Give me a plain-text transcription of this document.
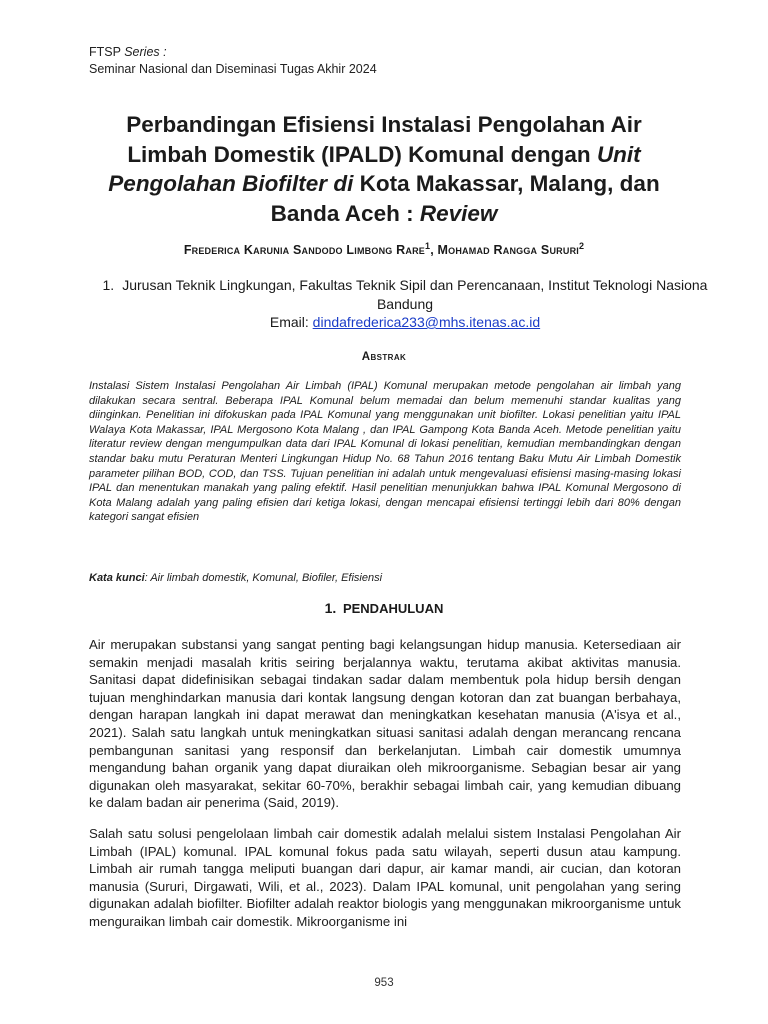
FTSP Series :
Seminar Nasional dan Diseminasi Tugas Akhir 2024
Perbandingan Efisiensi Instalasi Pengolahan Air Limbah Domestik (IPALD) Komunal dengan Unit Pengolahan Biofilter di Kota Makassar, Malang, dan Banda Aceh : Review
Frederica Karunia Sandodo Limbong Rare$^1$, Mohamad Rangga Sururi$^2$
1. Jurusan Teknik Lingkungan, Fakultas Teknik Sipil dan Perencanaan, Institut Teknologi Nasiona Bandung
Email: dindafrederica233@mhs.itenas.ac.id
Abstrak
Instalasi Sistem Instalasi Pengolahan Air Limbah (IPAL) Komunal merupakan metode pengolahan air limbah yang dilakukan secara sentral. Beberapa IPAL Komunal belum memadai dan belum memenuhi standar kualitas yang diinginkan. Penelitian ini difokuskan pada IPAL Komunal yang menggunakan unit biofilter. Lokasi penelitian yaitu IPAL Walaya Kota Makassar, IPAL Mergosono Kota Malang , dan IPAL Gampong Kota Banda Aceh. Metode penelitian yaitu literatur review dengan mengumpulkan data dari IPAL Komunal di lokasi penelitian, kemudian membandingkan dengan standar baku mutu Peraturan Menteri Lingkungan Hidup No. 68 Tahun 2016 tentang Baku Mutu Air Limbah Domestik parameter pilihan BOD, COD, dan TSS. Tujuan penelitian ini adalah untuk mengevaluasi efisiensi masing-masing lokasi IPAL dan menentukan manakah yang paling efektif. Hasil penelitian menunjukkan bahwa IPAL Komunal Mergosono di Kota Malang adalah yang paling efisien dari ketiga lokasi, dengan mencapai efisiensi tertinggi lebih dari 80% dengan kategori sangat efisien
Kata kunci: Air limbah domestik, Komunal, Biofiler, Efisiensi
1. PENDAHULUAN
Air merupakan substansi yang sangat penting bagi kelangsungan hidup manusia. Ketersediaan air semakin menjadi masalah kritis seiring berjalannya waktu, terutama akibat aktivitas manusia. Sanitasi dapat didefinisikan sebagai tindakan sadar dalam membentuk pola hidup bersih dengan tujuan menghindarkan manusia dari kontak langsung dengan kotoran dan zat buangan berbahaya, dengan harapan langkah ini dapat merawat dan meningkatkan kesehatan manusia (A'isya et al., 2021). Salah satu langkah untuk meningkatkan situasi sanitasi adalah dengan merancang rencana pembangunan sanitasi yang responsif dan berkelanjutan. Limbah cair domestik umumnya mengandung bahan organik yang dapat diuraikan oleh mikroorganisme. Sebagian besar air yang digunakan oleh masyarakat, sekitar 60-70%, berakhir sebagai limbah cair, yang kemudian dibuang ke dalam badan air penerima (Said, 2019).
Salah satu solusi pengelolaan limbah cair domestik adalah melalui sistem Instalasi Pengolahan Air Limbah (IPAL) komunal. IPAL komunal fokus pada satu wilayah, seperti dusun atau kampung. Limbah air rumah tangga meliputi buangan dari dapur, air kamar mandi, air cucian, dan kotoran manusia (Sururi, Dirgawati, Wili, et al., 2023). Dalam IPAL komunal, unit pengolahan yang sering digunakan adalah biofilter. Biofilter adalah reaktor biologis yang menggunakan mikroorganisme untuk menguraikan limbah cair domestik. Mikroorganisme ini
953
